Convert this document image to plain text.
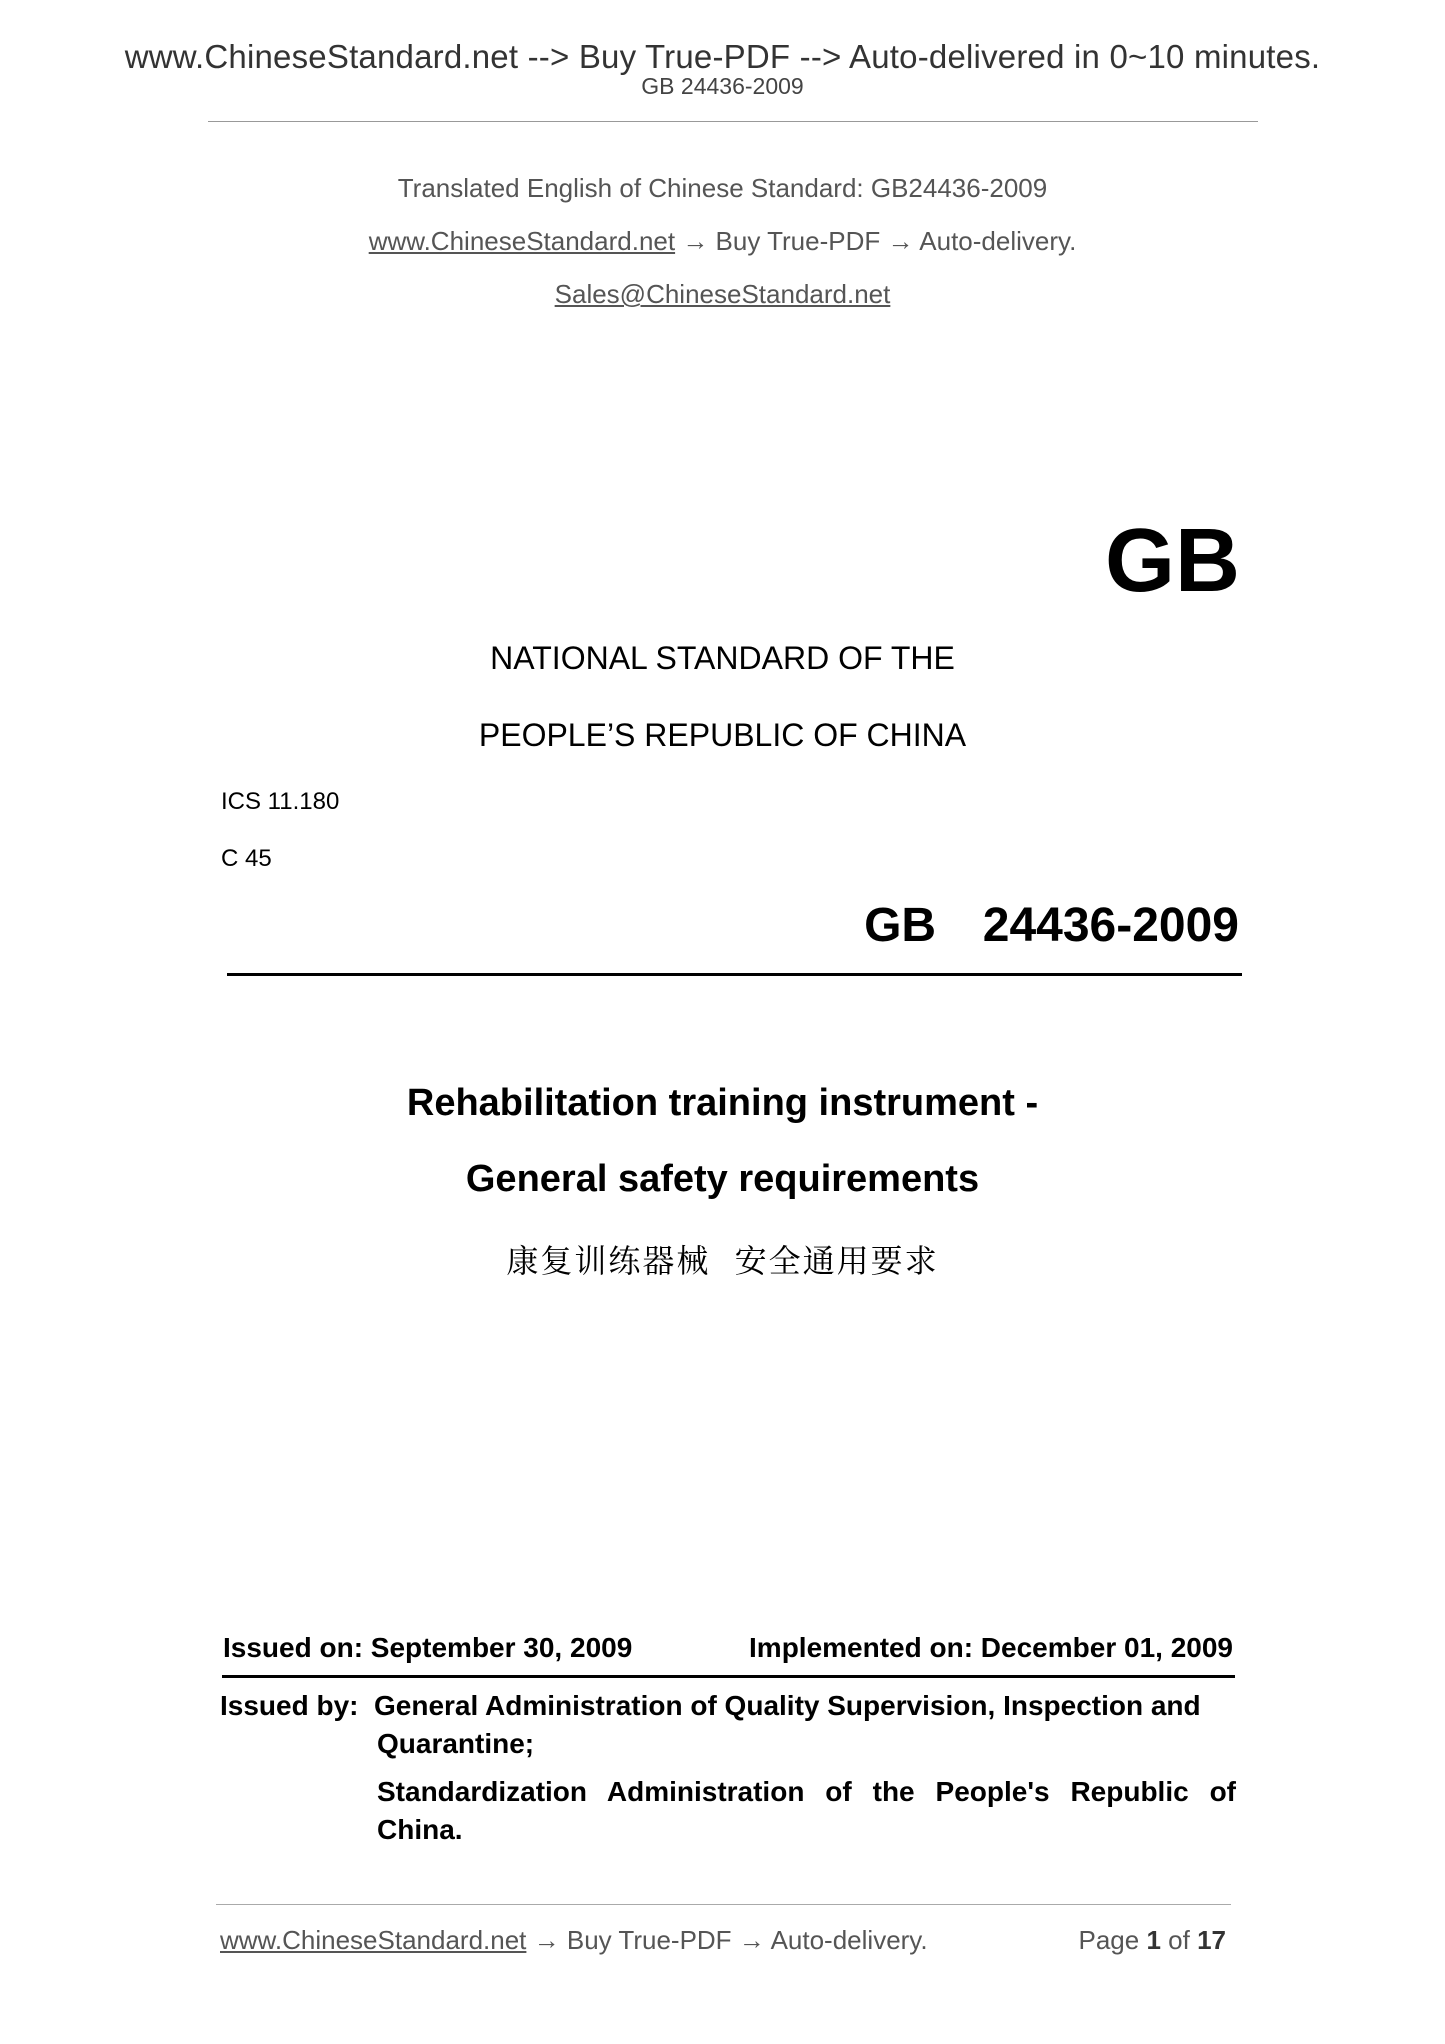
www.ChineseStandard.net --> Buy True-PDF --> Auto-delivered in 0~10 minutes.
GB 24436-2009
Translated English of Chinese Standard: GB24436-2009
www.ChineseStandard.net → Buy True-PDF → Auto-delivery.
Sales@ChineseStandard.net
GB
NATIONAL STANDARD OF THE
PEOPLE’S REPUBLIC OF CHINA
ICS 11.180
C 45
GB  24436-2009
Rehabilitation training instrument -
General safety requirements
康复训练器械  安全通用要求
Issued on: September 30, 2009	Implemented on: December 01, 2009
Issued by: General Administration of Quality Supervision, Inspection and
Quarantine;
Standardization Administration of the People's Republic of
China.
www.ChineseStandard.net → Buy True-PDF → Auto-delivery.	Page 1 of 17
